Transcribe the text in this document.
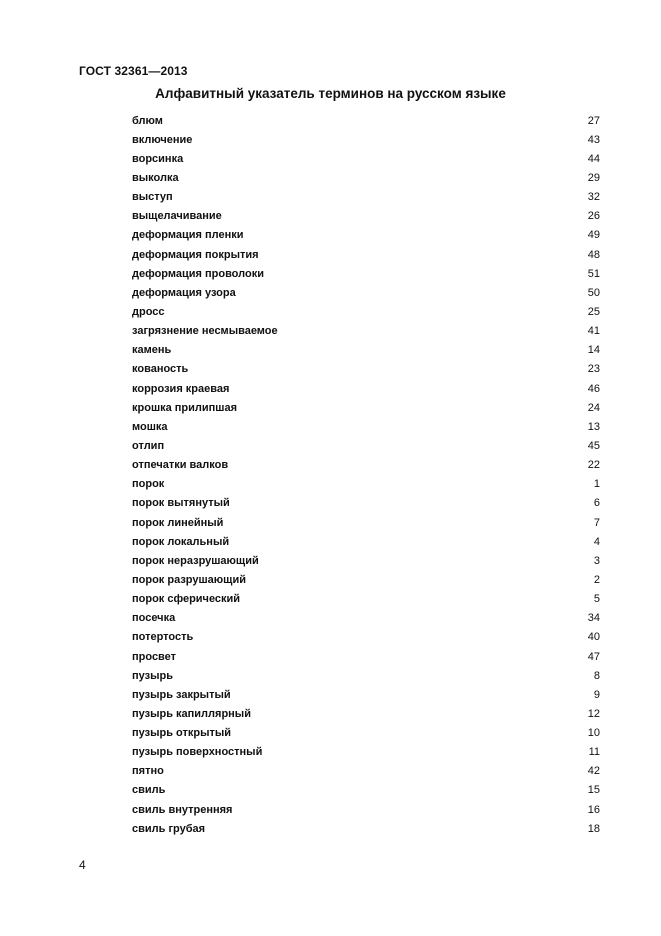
ГОСТ 32361—2013
Алфавитный указатель терминов на русском языке
блюм	27
включение	43
ворсинка	44
выколка	29
выступ	32
выщелачивание	26
деформация пленки	49
деформация покрытия	48
деформация проволоки	51
деформация узора	50
дросс	25
загрязнение несмываемое	41
камень	14
кованость	23
коррозия краевая	46
крошка прилипшая	24
мошка	13
отлип	45
отпечатки валков	22
порок	1
порок вытянутый	6
порок линейный	7
порок локальный	4
порок неразрушающий	3
порок разрушающий	2
порок сферический	5
посечка	34
потертость	40
просвет	47
пузырь	8
пузырь закрытый	9
пузырь капиллярный	12
пузырь открытый	10
пузырь поверхностный	11
пятно	42
свиль	15
свиль внутренняя	16
свиль грубая	18
4
